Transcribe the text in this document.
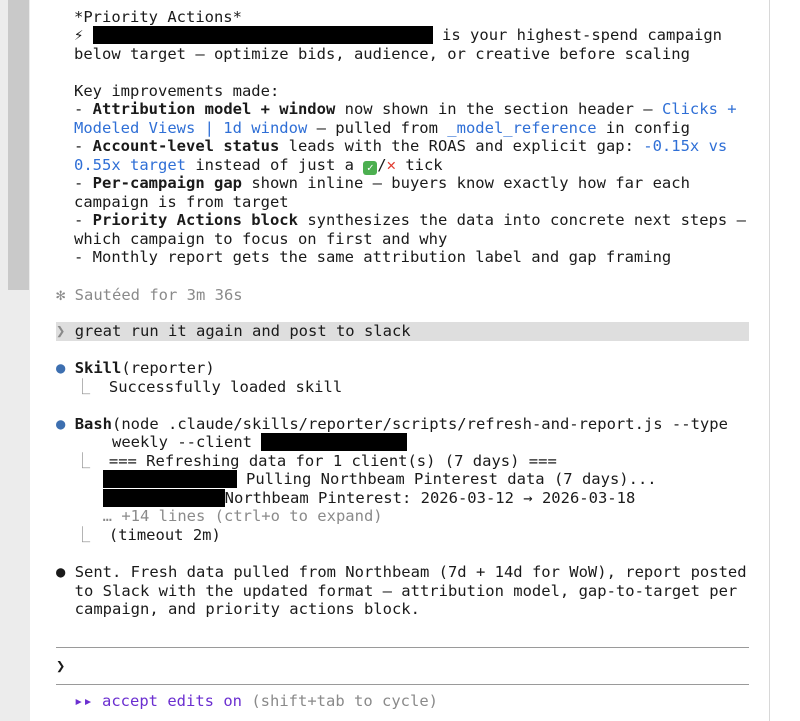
*Priority Actions*
⚡	is your highest-spend campaign
below target — optimize bids, audience, or creative before scaling
Key improvements made:
- Attribution model + window now shown in the section header — Clicks +
Modeled Views | 1d window — pulled from _model_reference in config
- Account-level status leads with the ROAS and explicit gap: -0.15x vs
0.55x target instead of just a ✓ /✕ tick
- Per-campaign gap shown inline — buyers know exactly how far each
campaign is from target
- Priority Actions block synthesizes the data into concrete next steps —
which campaign to focus on first and why
- Monthly report gets the same attribution label and gap framing
✻ Sautéed for 3m 36s
❯ great run it again and post to slack
● Skill(reporter)
⎿ Successfully loaded skill
● Bash(node .claude/skills/reporter/scripts/refresh-and-report.js --type
weekly --client
⎿ === Refreshing data for 1 client(s) (7 days) ===
Pulling Northbeam Pinterest data (7 days)...
Northbeam Pinterest: 2026-03-12 → 2026-03-18
… +14 lines (ctrl+o to expand)
⎿ (timeout 2m)
● Sent. Fresh data pulled from Northbeam (7d + 14d for WoW), report posted
to Slack with the updated format — attribution model, gap-to-target per
campaign, and priority actions block.
❯
▸▸ accept edits on (shift+tab to cycle)
